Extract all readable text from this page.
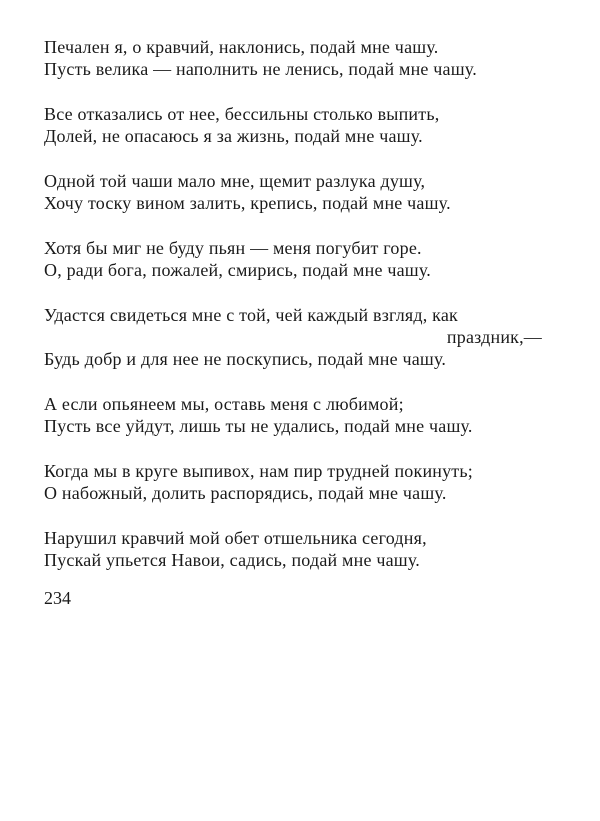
Печален я, о кравчий, наклонись, подай мне чашу.
Пусть велика — наполнить не ленись, подай мне чашу.
Все отказались от нее, бессильны столько выпить,
Долей, не опасаюсь я за жизнь, подай мне чашу.
Одной той чаши мало мне, щемит разлука душу,
Хочу тоску вином залить, крепись, подай мне чашу.
Хотя бы миг не буду пьян — меня погубит горе.
О, ради бога, пожалей, смирись, подай мне чашу.
Удастся свидеться мне с той, чей каждый взгляд, как
праздник,—
Будь добр и для нее не поскупись, подай мне чашу.
А если опьянеем мы, оставь меня с любимой;
Пусть все уйдут, лишь ты не удались, подай мне чашу.
Когда мы в круге выпивох, нам пир трудней покинуть;
О набожный, долить распорядись, подай мне чашу.
Нарушил кравчий мой обет отшельника сегодня,
Пускай упьется Навои, садись, подай мне чашу.
234
